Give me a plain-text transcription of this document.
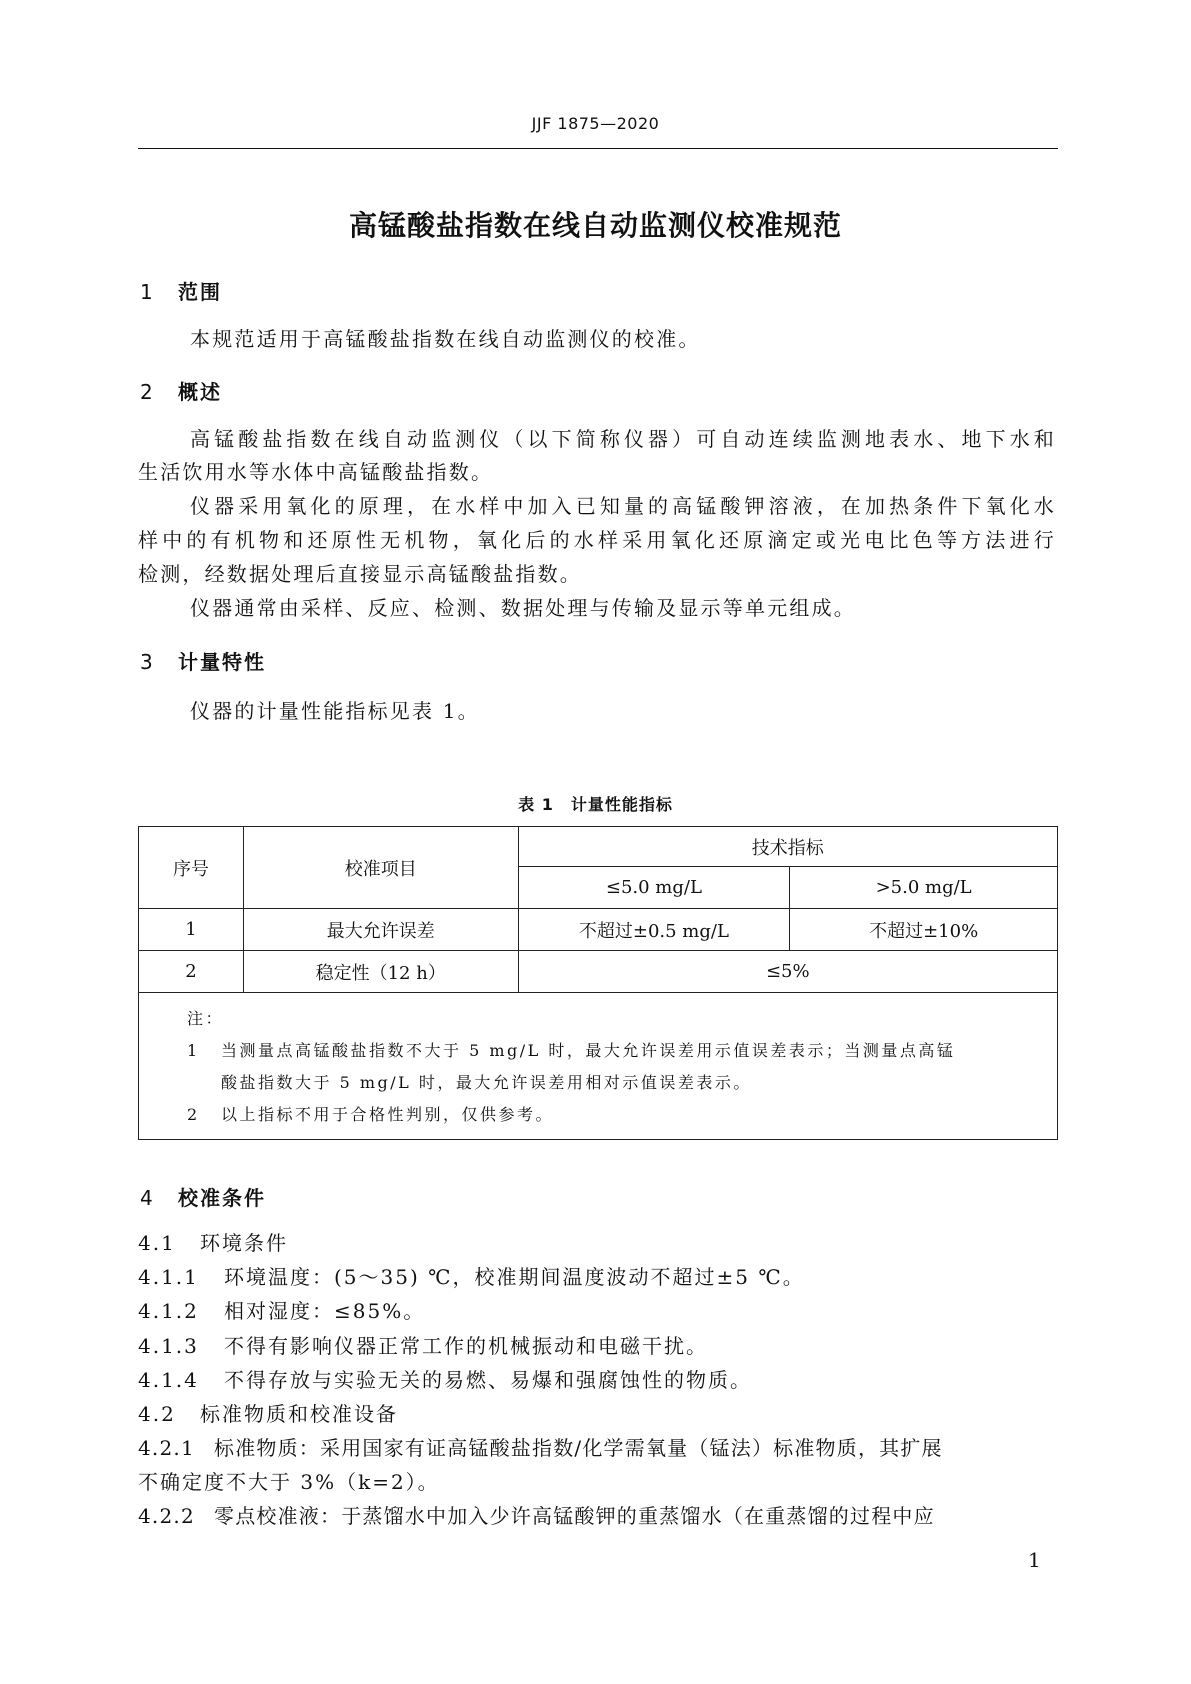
JJF 1875—2020
高锰酸盐指数在线自动监测仪校准规范
1 范围
本规范适用于高锰酸盐指数在线自动监测仪的校准。
2 概述
高锰酸盐指数在线自动监测仪（以下简称仪器）可自动连续监测地表水、地下水和
生活饮用水等水体中高锰酸盐指数。
仪器采用氧化的原理，在水样中加入已知量的高锰酸钾溶液，在加热条件下氧化水
样中的有机物和还原性无机物，氧化后的水样采用氧化还原滴定或光电比色等方法进行
检测，经数据处理后直接显示高锰酸盐指数。
仪器通常由采样、反应、检测、数据处理与传输及显示等单元组成。
3 计量特性
仪器的计量性能指标见表 1。
表 1　计量性能指标
序号	校准项目	技术指标	
		≤5.0 mg/L	>5.0 mg/L
1	最大允许误差	不超过±0.5 mg/L	不超过±10%
2	稳定性（12 h）	≤5%	

注：
1 当测量点高锰酸盐指数不大于 5 mg/L 时，最大允许误差用示值误差表示；当测量点高锰
酸盐指数大于 5 mg/L 时，最大允许误差用相对示值误差表示。
2 以上指标不用于合格性判别，仅供参考。			
4 校准条件
4.1 环境条件
4.1.1 环境温度：(5～35) ℃，校准期间温度波动不超过±5 ℃。
4.1.2 相对湿度：≤85%。
4.1.3 不得有影响仪器正常工作的机械振动和电磁干扰。
4.1.4 不得存放与实验无关的易燃、易爆和强腐蚀性的物质。
4.2 标准物质和校准设备
4.2.1 标准物质：采用国家有证高锰酸盐指数/化学需氧量（锰法）标准物质，其扩展
不确定度不大于 3%（k=2）。
4.2.2 零点校准液：于蒸馏水中加入少许高锰酸钾的重蒸馏水（在重蒸馏的过程中应
1
